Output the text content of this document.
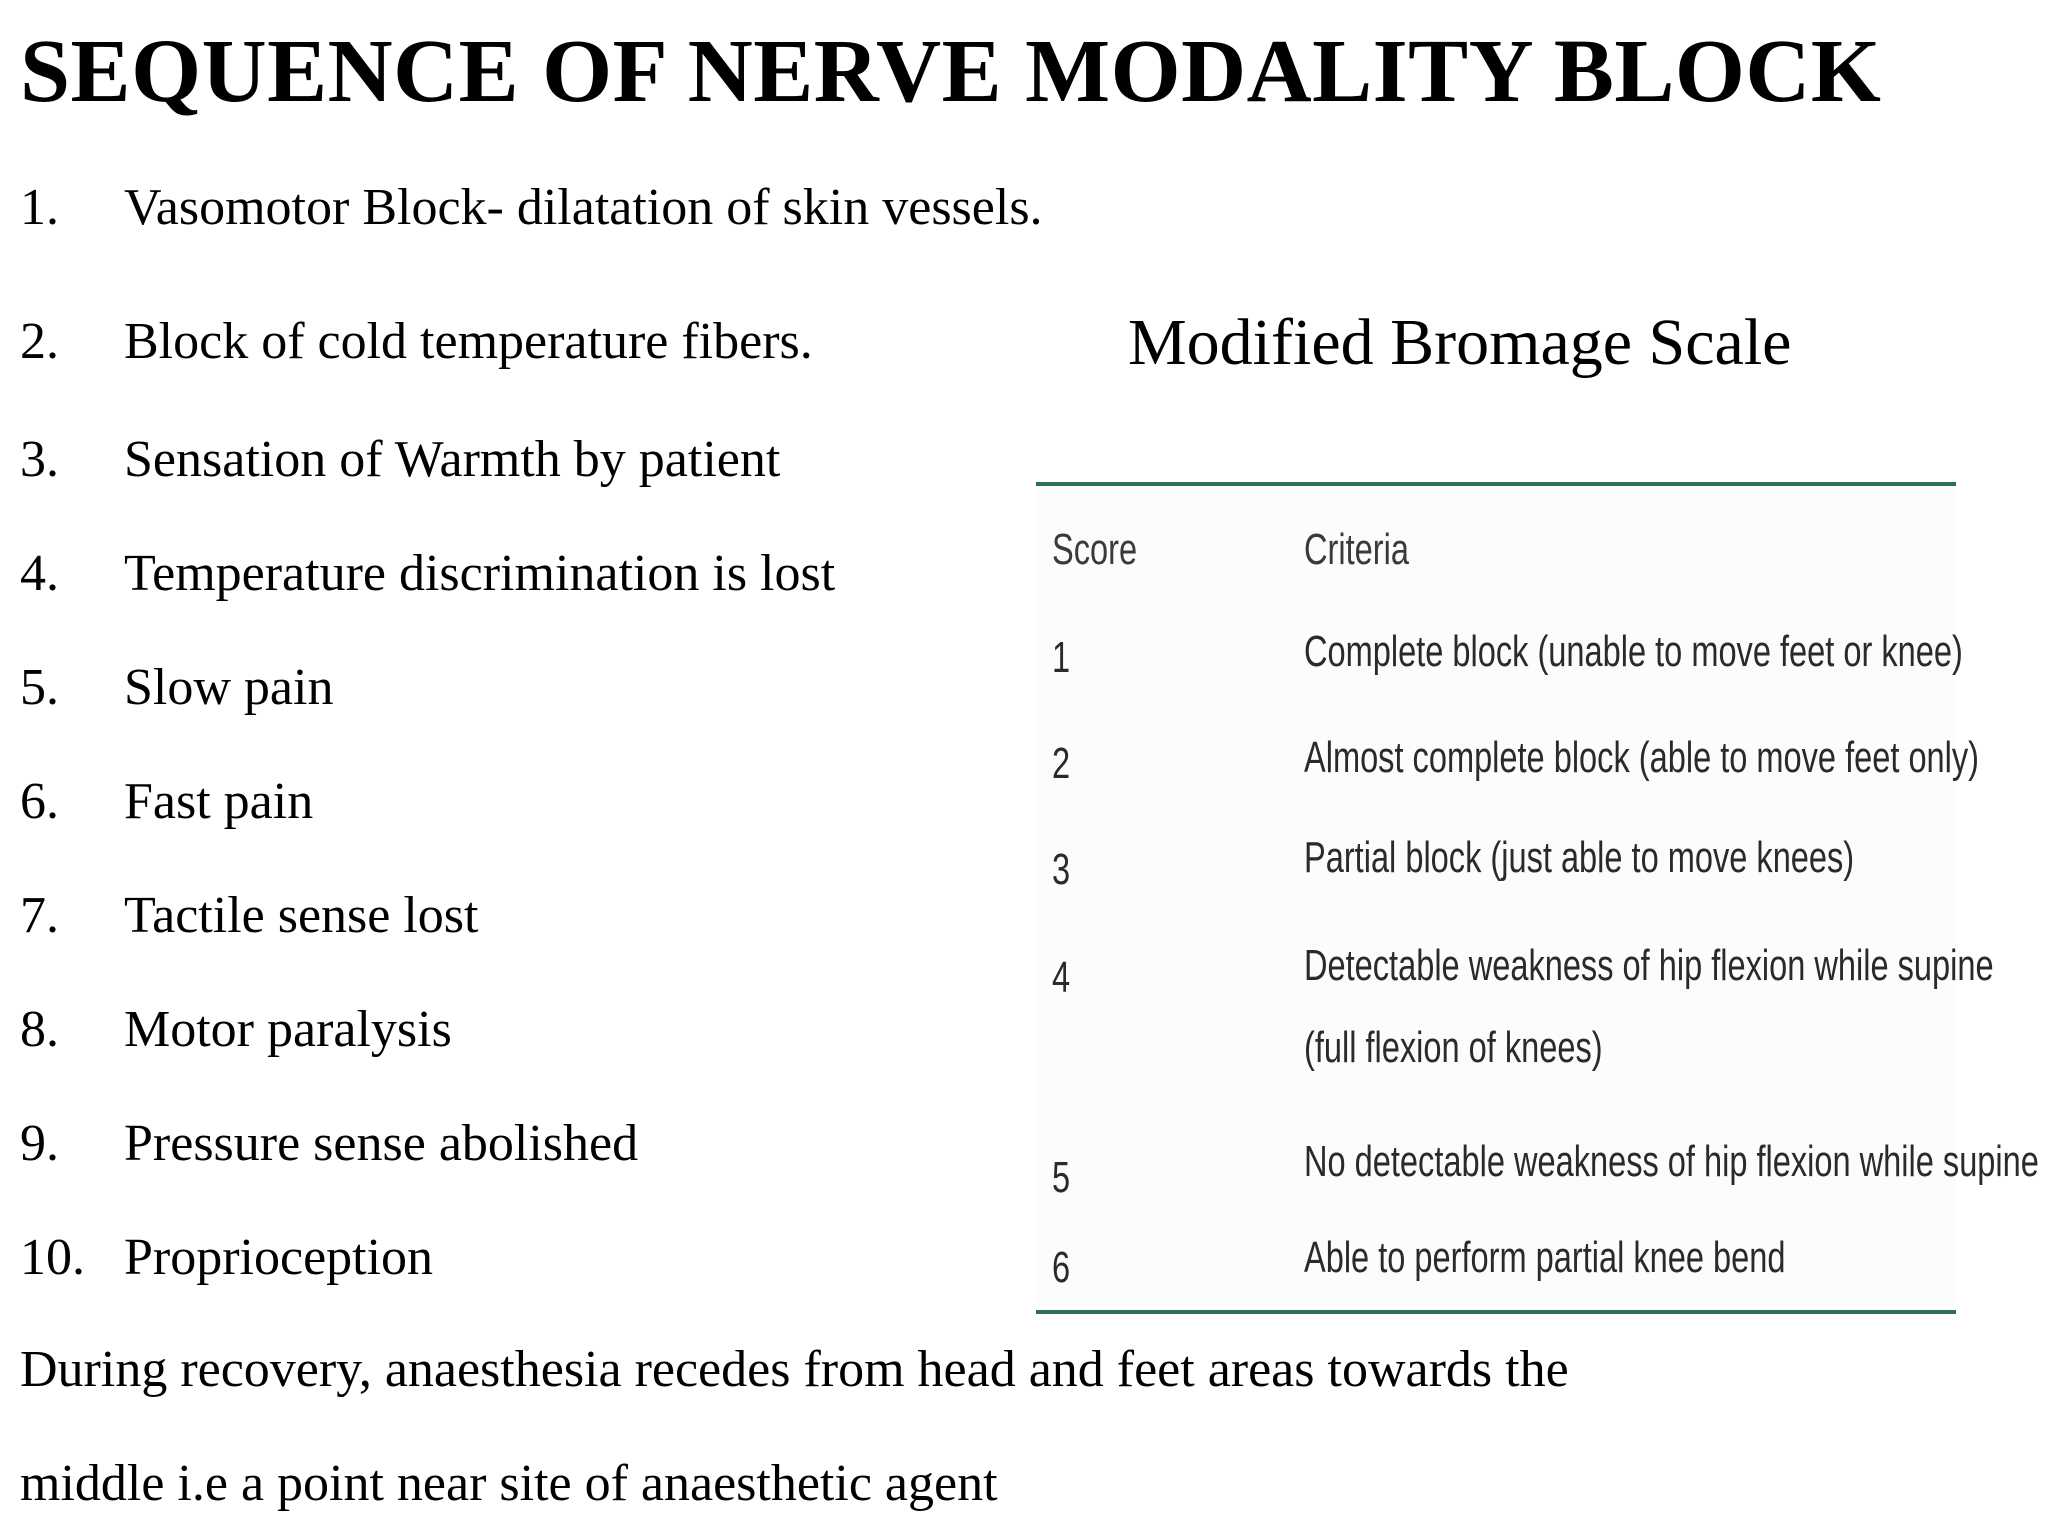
SEQUENCE OF NERVE MODALITY BLOCK
1. Vasomotor Block- dilatation of skin vessels.
2. Block of cold temperature fibers.
3. Sensation of Warmth by patient
4. Temperature discrimination is lost
5. Slow pain
6. Fast pain
7. Tactile sense lost
8. Motor paralysis
9. Pressure sense abolished
10. Proprioception
Modified Bromage Scale
Score	Criteria
1	Complete block (unable to move feet or knee)
2	Almost complete block (able to move feet only)
3	Partial block (just able to move knees)
4	Detectable weakness of hip flexion while supine
(full flexion of knees)
5	No detectable weakness of hip flexion while supine
6	Able to perform partial knee bend
During recovery, anaesthesia recedes from head and feet areas towards the
middle i.e a point near site of anaesthetic agent
